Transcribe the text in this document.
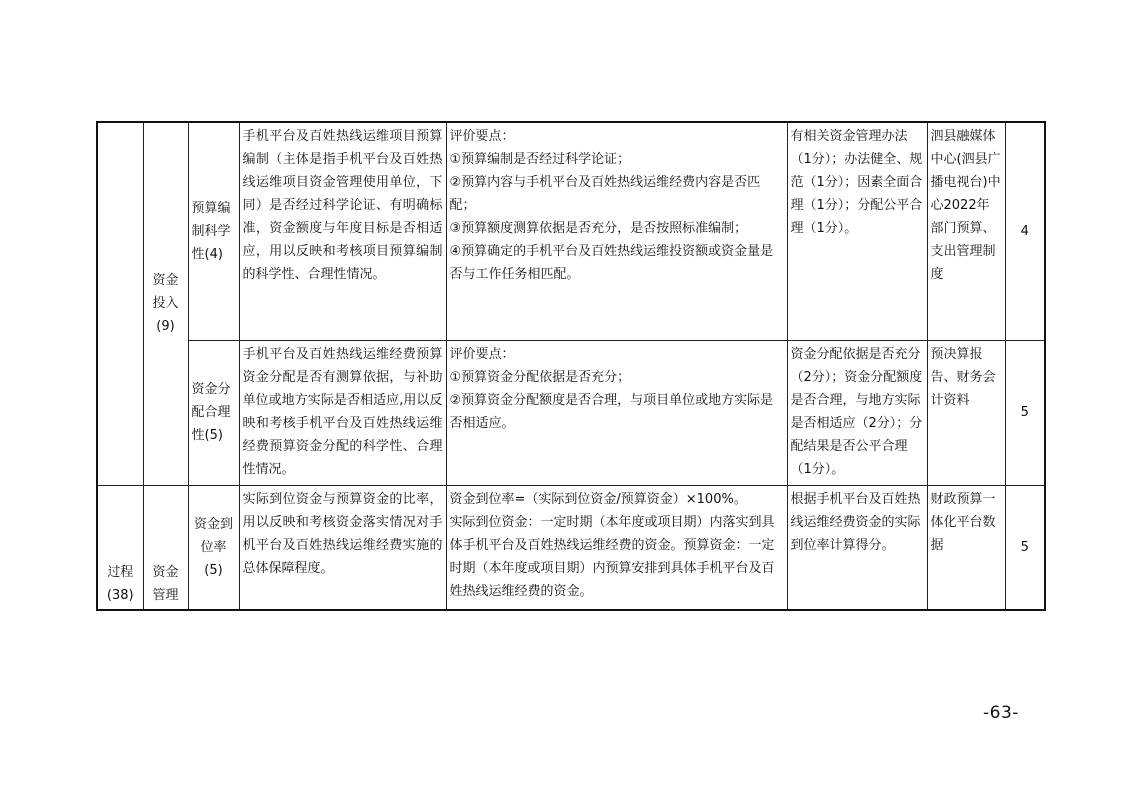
	资金投入(9)	预算编制科学性(4)	手机平台及百姓热线运维项目预算编制（主体是指手机平台及百姓热线运维项目资金管理使用单位，下同）是否经过科学论证、有明确标准，资金额度与年度目标是否相适应，用以反映和考核项目预算编制的科学性、合理性情况。	评价要点：
①预算编制是否经过科学论证；
②预算内容与手机平台及百姓热线运维经费内容是否匹配；
③预算额度测算依据是否充分，是否按照标准编制；
④预算确定的手机平台及百姓热线运维投资额或资金量是否与工作任务相匹配。	有相关资金管理办法（1分）；办法健全、规范（1分）；因素全面合理（1分）；分配公平合理（1分）。	泗县融媒体中心(泗县广播电视台)中心2022年部门预算、支出管理制度	4
		资金分配合理性(5)	手机平台及百姓热线运维经费预算资金分配是否有测算依据，与补助单位或地方实际是否相适应,用以反映和考核手机平台及百姓热线运维经费预算资金分配的科学性、合理性情况。	评价要点：
①预算资金分配依据是否充分；
②预算资金分配额度是否合理，与项目单位或地方实际是否相适应。	资金分配依据是否充分（2分）；资金分配额度是否合理，与地方实际是否相适应（2分）；分配结果是否公平合理（1分）。	预决算报告、财务会计资料	5
过程(38)	资金管理	资金到位率(5)	实际到位资金与预算资金的比率，用以反映和考核资金落实情况对手机平台及百姓热线运维经费实施的总体保障程度。	资金到位率=（实际到位资金/预算资金）×100%。
实际到位资金：一定时期（本年度或项目期）内落实到具体手机平台及百姓热线运维经费的资金。预算资金：一定时期（本年度或项目期）内预算安排到具体手机平台及百姓热线运维经费的资金。	根据手机平台及百姓热线运维经费资金的实际到位率计算得分。	财政预算一体化平台数据	5
-63-
